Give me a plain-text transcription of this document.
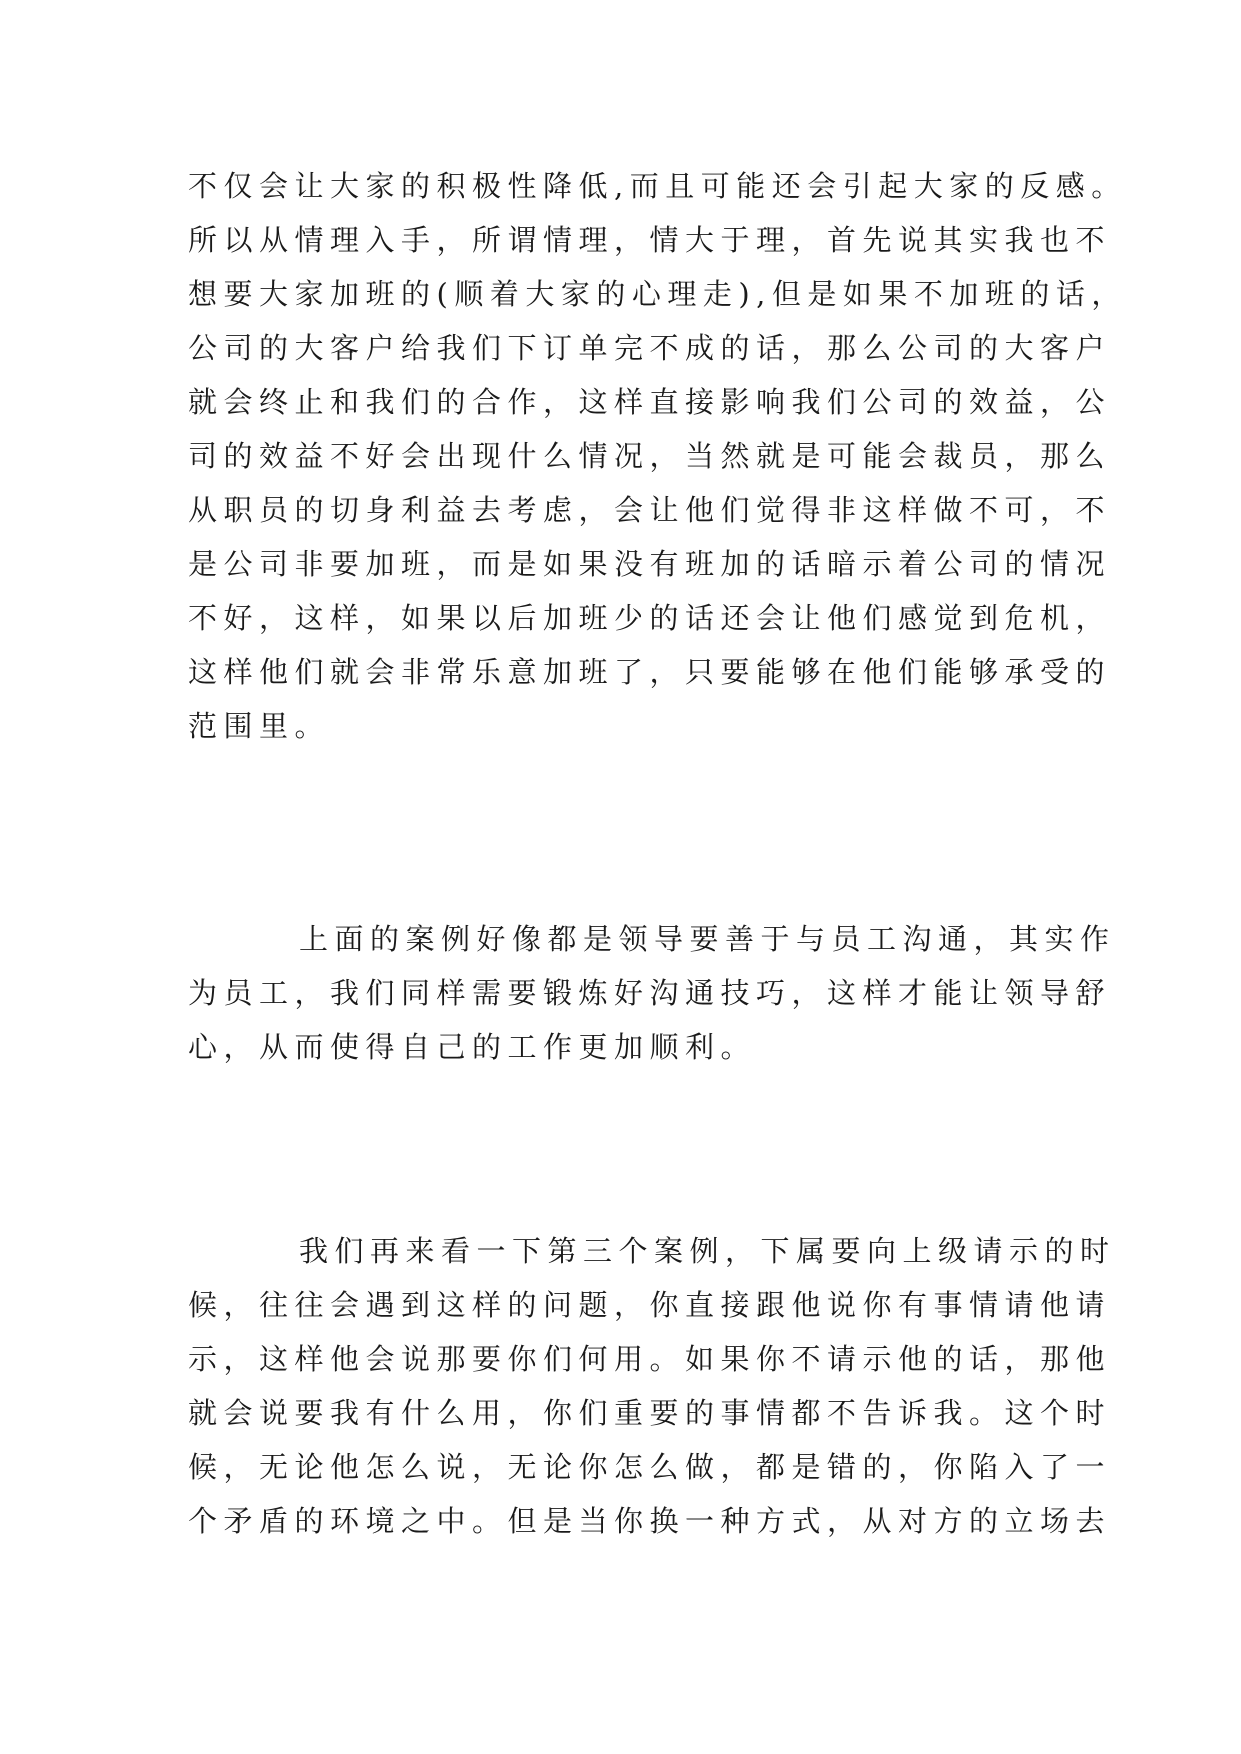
不仅会让大家的积极性降低,而且可能还会引起大家的反感。
所以从情理入手，所谓情理，情大于理，首先说其实我也不
想要大家加班的(顺着大家的心理走),但是如果不加班的话，
公司的大客户给我们下订单完不成的话，那么公司的大客户
就会终止和我们的合作，这样直接影响我们公司的效益，公
司的效益不好会出现什么情况，当然就是可能会裁员，那么
从职员的切身利益去考虑，会让他们觉得非这样做不可，不
是公司非要加班，而是如果没有班加的话暗示着公司的情况
不好，这样，如果以后加班少的话还会让他们感觉到危机，
这样他们就会非常乐意加班了，只要能够在他们能够承受的
范围里。

上面的案例好像都是领导要善于与员工沟通，其实作
为员工，我们同样需要锻炼好沟通技巧，这样才能让领导舒
心，从而使得自己的工作更加顺利。

我们再来看一下第三个案例，下属要向上级请示的时
候，往往会遇到这样的问题，你直接跟他说你有事情请他请
示，这样他会说那要你们何用。如果你不请示他的话，那他
就会说要我有什么用，你们重要的事情都不告诉我。这个时
候，无论他怎么说，无论你怎么做，都是错的，你陷入了一
个矛盾的环境之中。但是当你换一种方式，从对方的立场去
